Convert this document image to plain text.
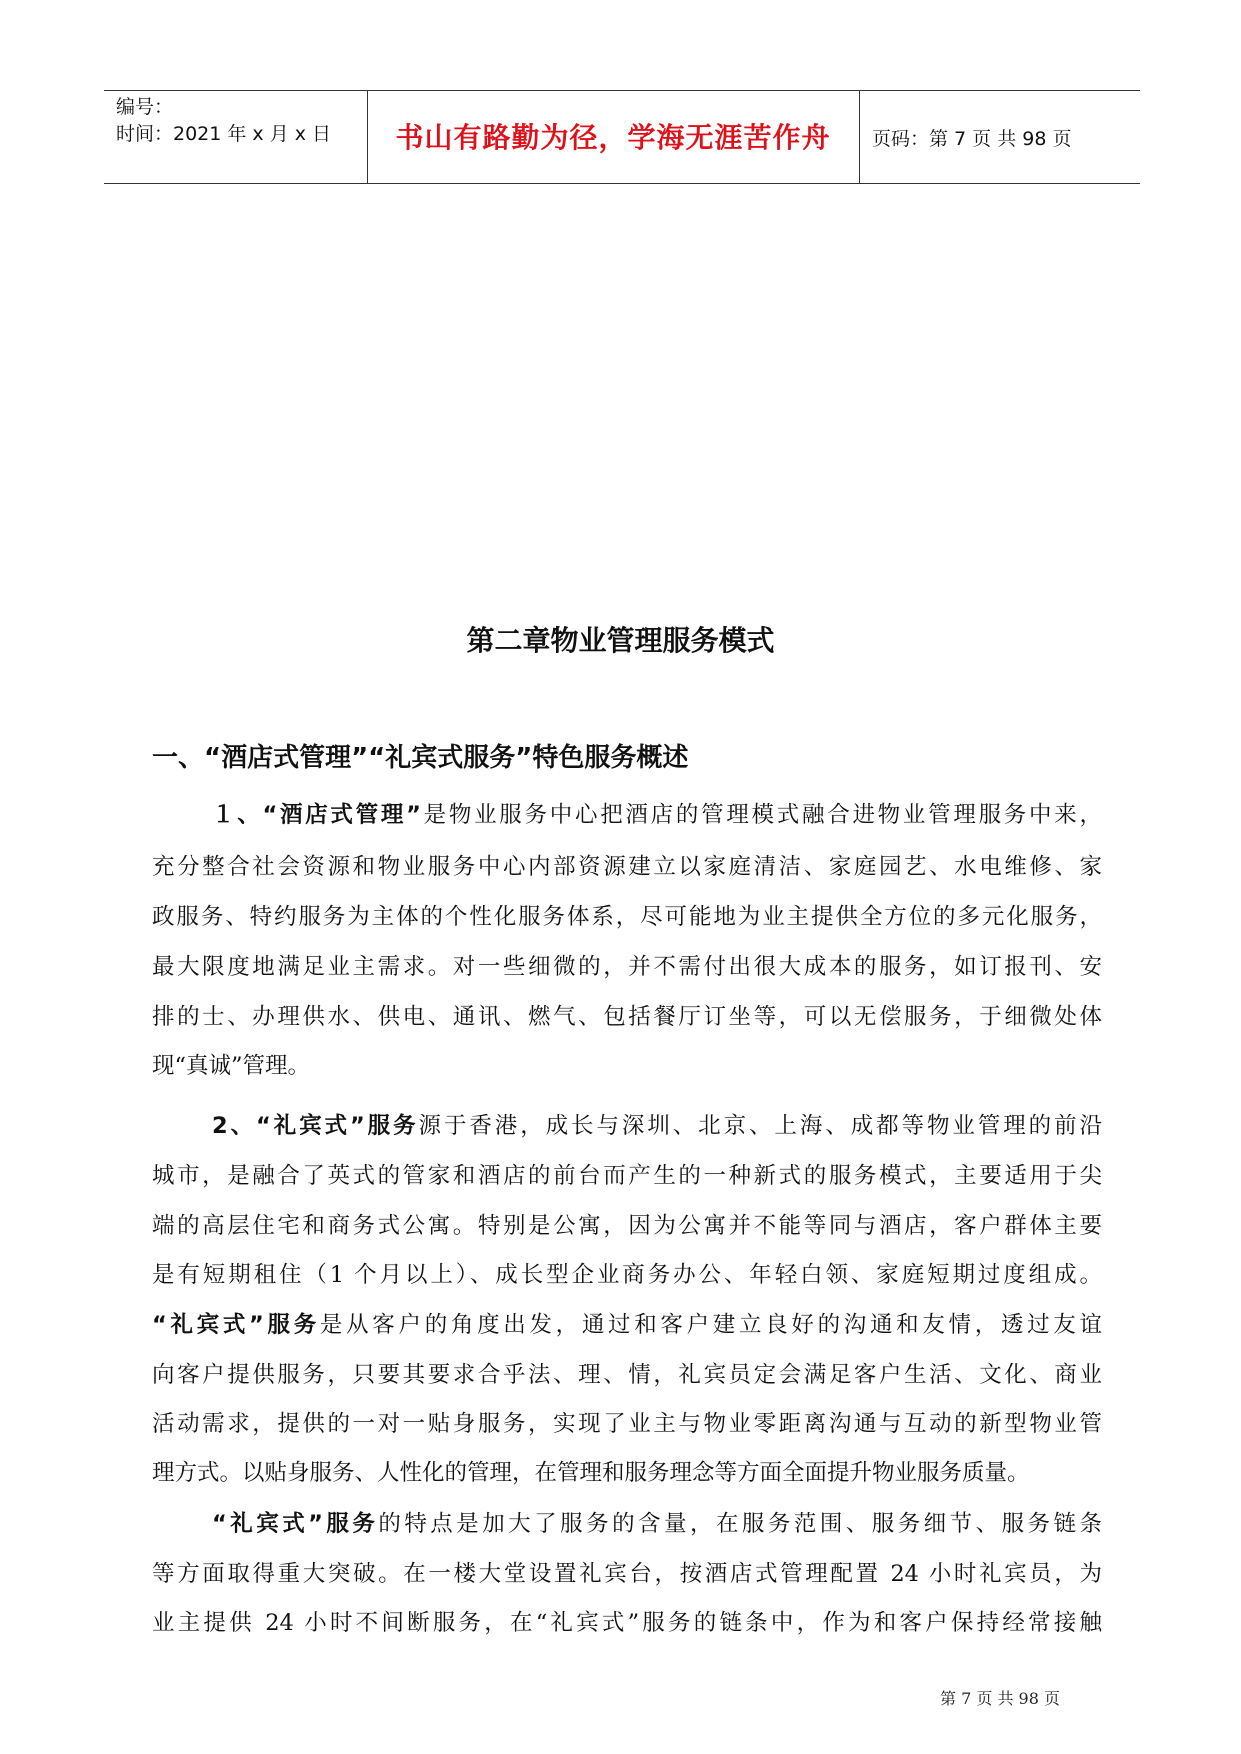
编号：
时间：2021 年 x 月 x 日	书山有路勤为径，学海无涯苦作舟	页码：第 7 页 共 98 页
第二章物业管理服务模式
一、“酒店式管理”“礼宾式服务”特色服务概述
１、“酒店式管理”是物业服务中心把酒店的管理模式融合进物业管理服务中来，
充分整合社会资源和物业服务中心内部资源建立以家庭清洁、家庭园艺、水电维修、家
政服务、特约服务为主体的个性化服务体系，尽可能地为业主提供全方位的多元化服务，
最大限度地满足业主需求。对一些细微的，并不需付出很大成本的服务，如订报刊、安
排的士、办理供水、供电、通讯、燃气、包括餐厅订坐等，可以无偿服务，于细微处体
现“真诚”管理。
2、“礼宾式”服务源于香港，成长与深圳、北京、上海、成都等物业管理的前沿
城市，是融合了英式的管家和酒店的前台而产生的一种新式的服务模式，主要适用于尖
端的高层住宅和商务式公寓。特别是公寓，因为公寓并不能等同与酒店，客户群体主要
是有短期租住（1 个月以上）、成长型企业商务办公、年轻白领、家庭短期过度组成。
“礼宾式”服务是从客户的角度出发，通过和客户建立良好的沟通和友情，透过友谊
向客户提供服务，只要其要求合乎法、理、情，礼宾员定会满足客户生活、文化、商业
活动需求，提供的一对一贴身服务，实现了业主与物业零距离沟通与互动的新型物业管
理方式。以贴身服务、人性化的管理，在管理和服务理念等方面全面提升物业服务质量。
“礼宾式”服务的特点是加大了服务的含量，在服务范围、服务细节、服务链条
等方面取得重大突破。在一楼大堂设置礼宾台，按酒店式管理配置 24 小时礼宾员，为
业主提供 24 小时不间断服务，在“礼宾式”服务的链条中，作为和客户保持经常接触
第 7 页 共 98 页
